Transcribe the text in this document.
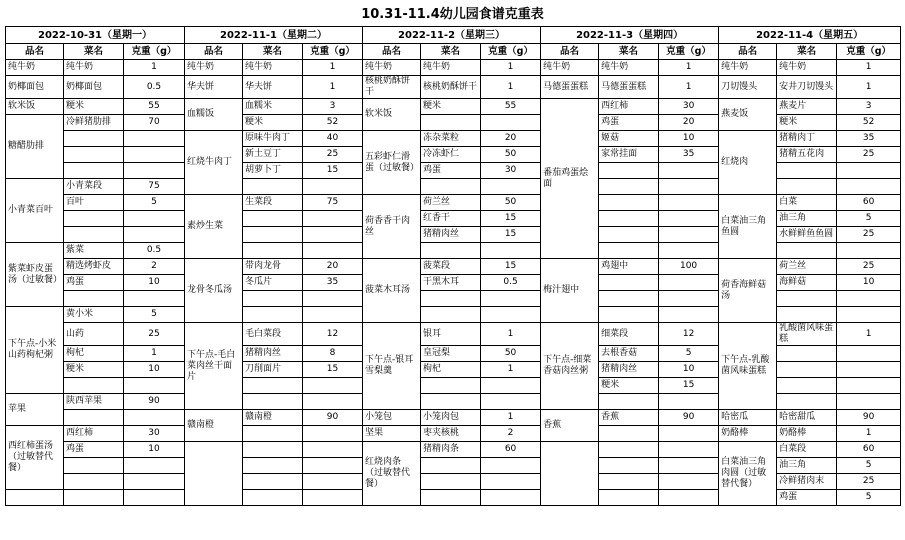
10.31-11.4幼儿园食谱克重表
2022-10-31（星期一）			2022-11-1（星期二）			2022-11-2（星期三）			2022-11-3（星期四）			2022-11-4（星期五）		
品名	菜名	克重（g）	品名	菜名	克重（g）	品名	菜名	克重（g）	品名	菜名	克重（g）	品名	菜名	克重（g）
纯牛奶	纯牛奶	1	纯牛奶	纯牛奶	1	纯牛奶	纯牛奶	1	纯牛奶	纯牛奶	1	纯牛奶	纯牛奶	1
奶椰面包	奶椰面包	0.5	华夫饼	华夫饼	1	核桃奶酥饼干	核桃奶酥饼干	1	马德蛋蛋糕	马德蛋蛋糕	1	刀切馒头	安井刀切馒头	1
软米饭	粳米	55	血糯饭	血糯米	3	软米饭	粳米	55	番茄鸡蛋烩面	西红柿	30	燕麦饭	燕麦片	3
糖醋肋排	冷鲜猪肋排	70		粳米	52					鸡蛋	20		粳米	52
			红烧牛肉丁	原味牛肉丁	40	五彩虾仁滑蛋（过敏餐）	冻杂菜粒	20		姬菇	10	红烧肉	猪精肉丁	35
				新土豆丁	25		冷冻虾仁	50		家常挂面	35		猪精五花肉	25
				胡萝卜丁	15		鸡蛋	30						
小青菜百叶	小青菜段	75												
	百叶	5	素炒生菜	生菜段	75	荷香香干肉丝	荷兰丝	50				白菜油三角鱼圆	白菜	60
							红香干	15					油三角	5
							猪精肉丝	15					水鲜鲜鱼鱼圆	25
紫菜虾皮蛋汤（过敏餐）	紫菜	0.5												
	精选烤虾皮	2	龙骨冬瓜汤	带肉龙骨	20	菠菜木耳汤	菠菜段	15	梅汁翅中	鸡翅中	100	荷香海鲜菇汤	荷兰丝	25
	鸡蛋	10		冬瓜片	35		干黑木耳	0.5					海鲜菇	10

下午点-小米山药枸杞粥	黄小米	5												
	山药	25	下午点-毛白菜肉丝干面片	毛白菜段	12	下午点-银耳雪梨羹	银耳	1	下午点-细菜香菇肉丝粥	细菜段	12	下午点-乳酸菌风味蛋糕	乳酸菌风味蛋糕	1
	枸杞	1		猪精肉丝	8		皇冠梨	50		去根香菇	5			
	粳米	10		刀削面片	15		枸杞	1		猪精肉丝	10			
										粳米	15			
苹果	陕西苹果	90												
			赣南橙	赣南橙	90	小笼包	小笼肉包	1	香蕉	香蕉	90	哈密瓜	哈密甜瓜	90
西红柿蛋汤（过敏替代餐）	西红柿	30				坚果	枣夹核桃	2				奶酪棒	奶酪棒	1
	鸡蛋	10				红烧肉条（过敏替代餐）	猪精肉条	60				白菜油三角肉圆（过敏替代餐）	白菜段	60
													油三角	5
													冷鲜猪肉末	25
													鸡蛋	5
